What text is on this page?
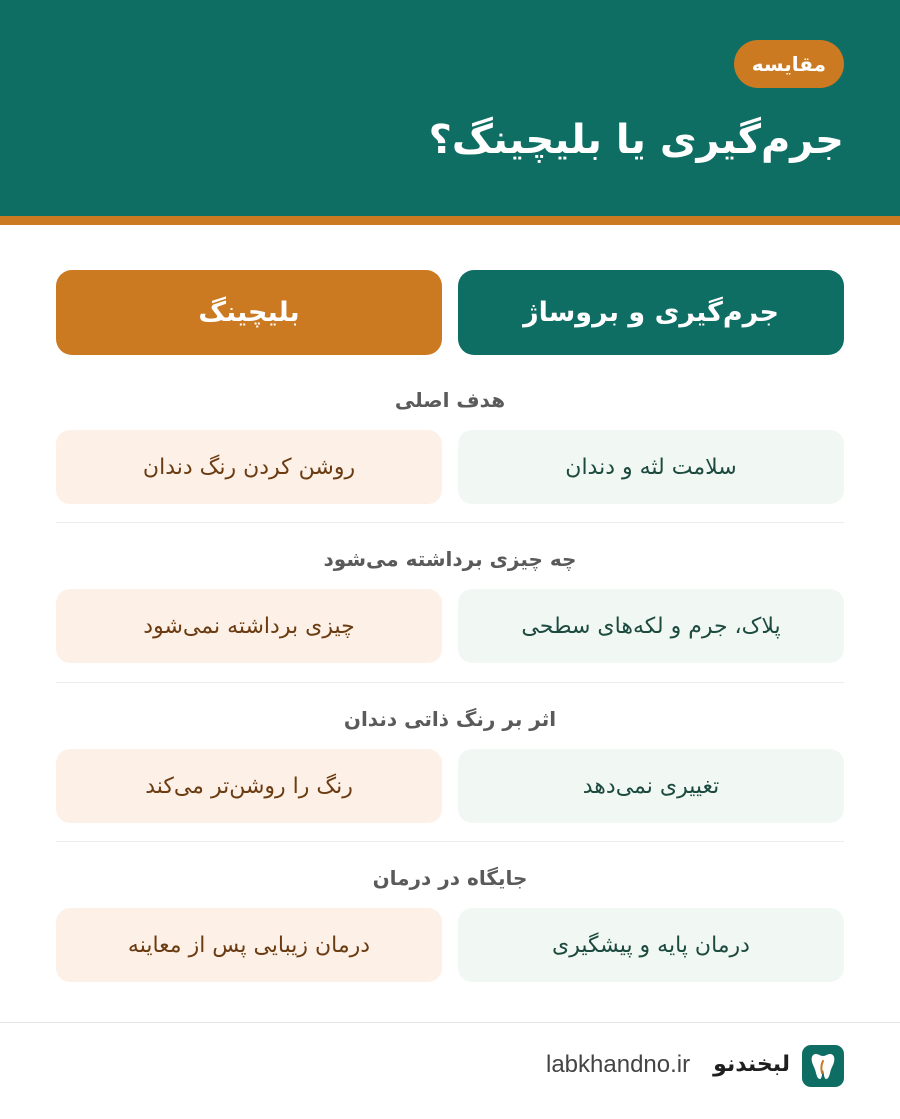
مقایسه
جرم‌گیری یا بلیچینگ؟
جرم‌گیری و بروساژ
بلیچینگ
هدف اصلی
سلامت لثه و دندان
روشن کردن رنگ دندان
چه چیزی برداشته می‌شود
پلاک، جرم و لکه‌های سطحی
چیزی برداشته نمی‌شود
اثر بر رنگ ذاتی دندان
تغییری نمی‌دهد
رنگ را روشن‌تر می‌کند
جایگاه در درمان
درمان پایه و پیشگیری
درمان زیبایی پس از معاینه
لبخندنو
labkhandno.ir
